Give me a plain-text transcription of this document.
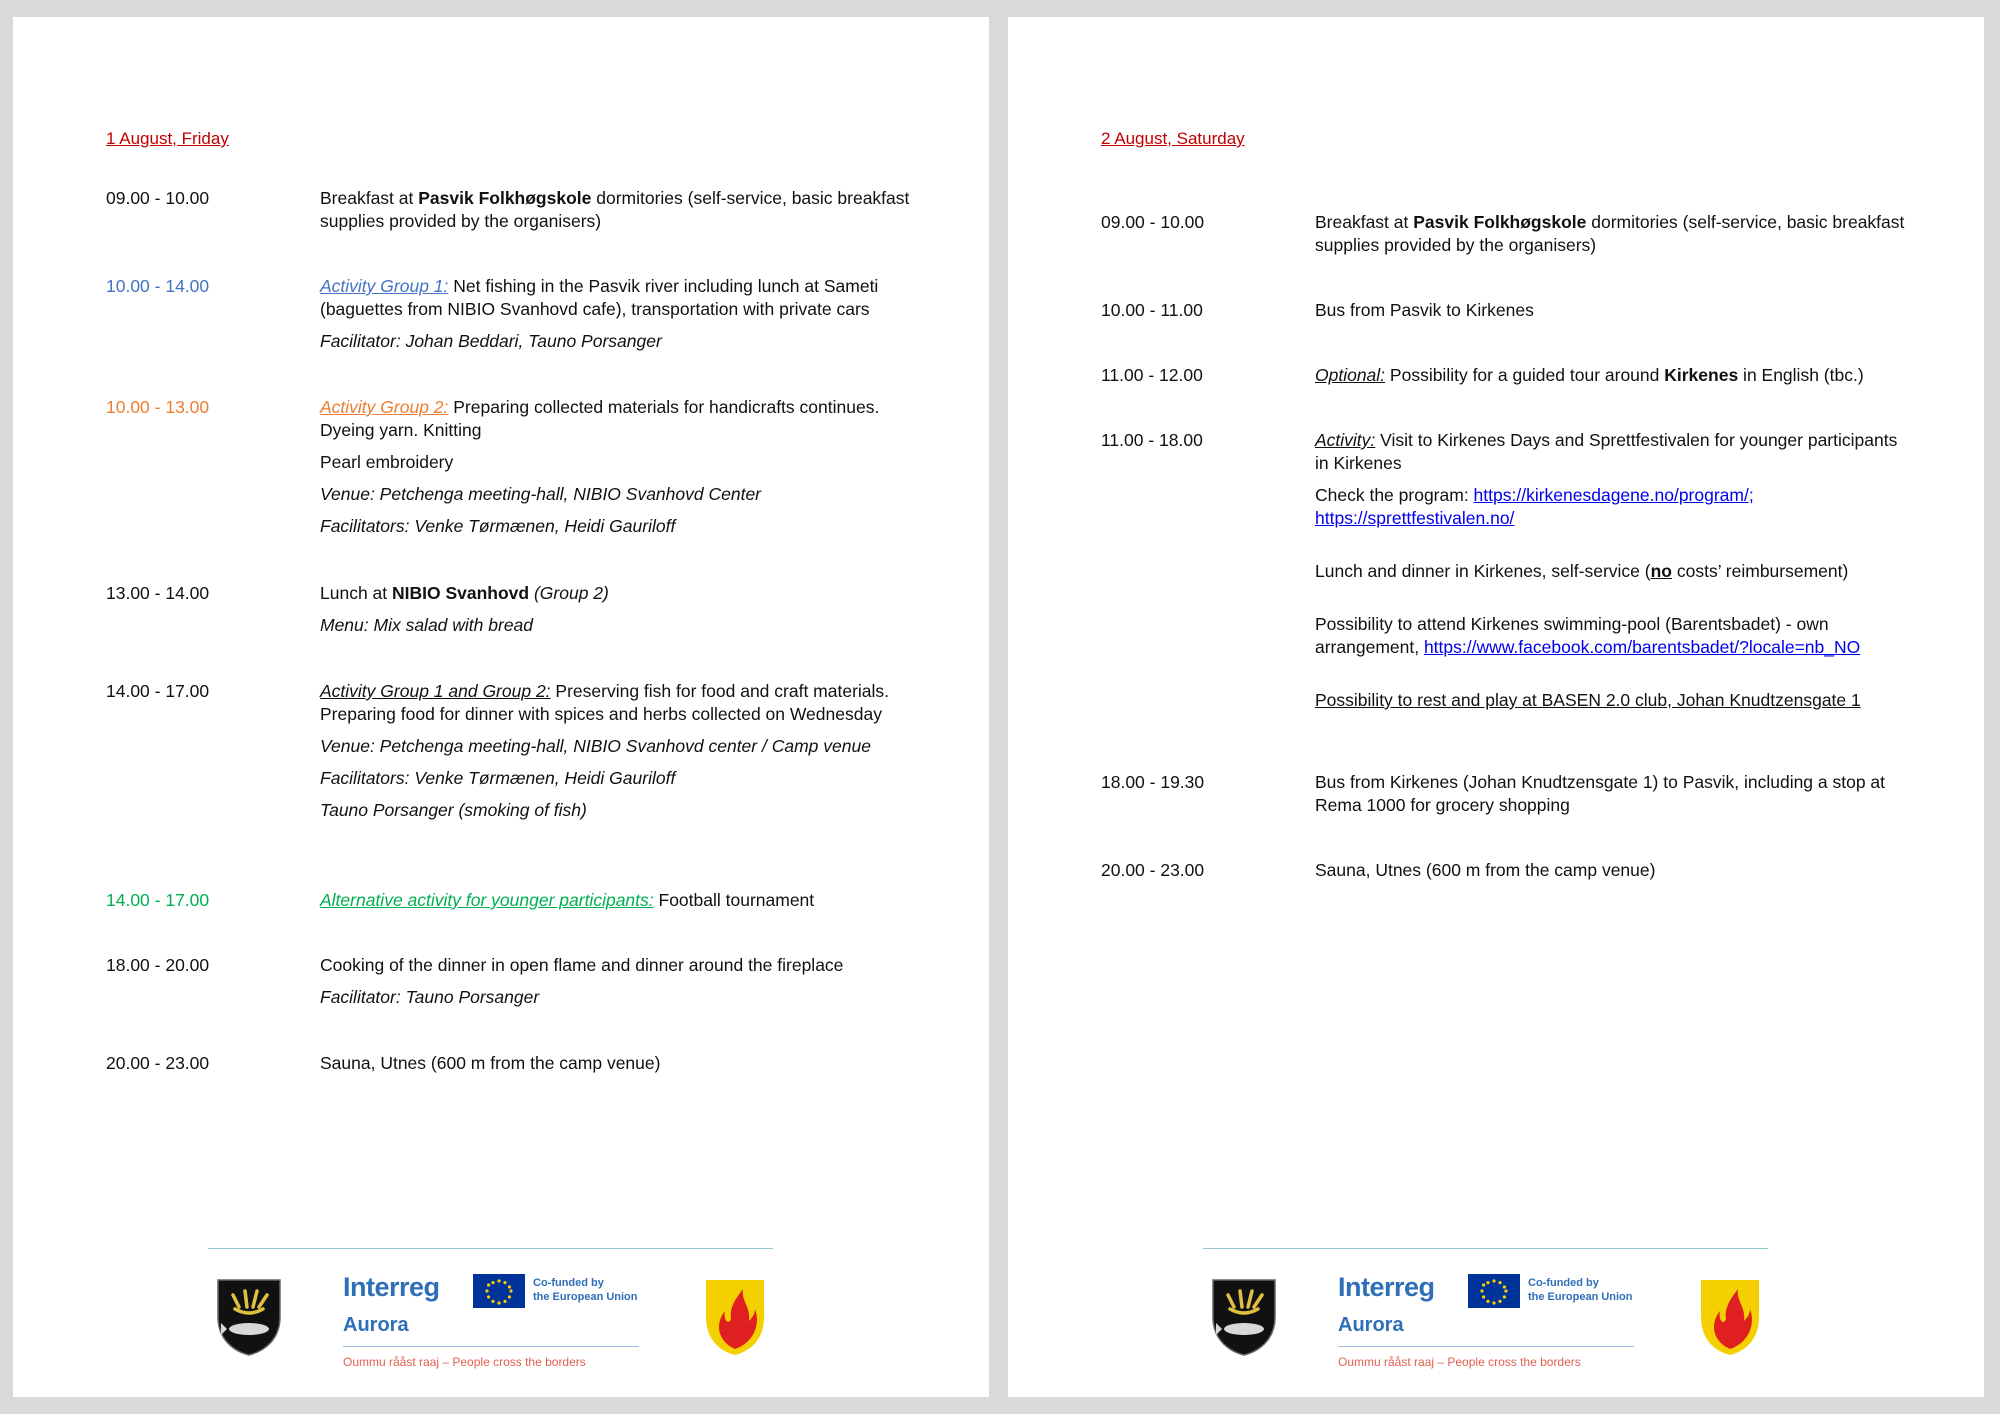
1 August, Friday
09.00 - 10.00	Breakfast at Pasvik Folkhøgskole dormitories (self-service, basic breakfast supplies provided by the organisers)

10.00 - 14.00	Activity Group 1: Net fishing in the Pasvik river including lunch at Sameti (baguettes from NIBIO Svanhovd cafe), transportation with private cars

Facilitator: Johan Beddari, Tauno Porsanger

10.00 - 13.00	Activity Group 2: Preparing collected materials for handicrafts continues. Dyeing yarn. Knitting

Pearl embroidery

Venue: Petchenga meeting-hall, NIBIO Svanhovd Center

Facilitators: Venke Tørmænen, Heidi Gauriloff

13.00 - 14.00	Lunch at NIBIO Svanhovd (Group 2)

Menu: Mix salad with bread

14.00 - 17.00	Activity Group 1 and Group 2: Preserving fish for food and craft materials. Preparing food for dinner with spices and herbs collected on Wednesday

Venue: Petchenga meeting-hall, NIBIO Svanhovd center / Camp venue

Facilitators: Venke Tørmænen, Heidi Gauriloff

Tauno Porsanger (smoking of fish)

14.00 - 17.00	Alternative activity for younger participants: Football tournament

18.00 - 20.00	Cooking of the dinner in open flame and dinner around the fireplace

Facilitator: Tauno Porsanger

20.00 - 23.00	Sauna, Utnes (600 m from the camp venue)

Interreg	Co-funded by
the European Union
Aurora
Oummu rååst raaj – People cross the borders
2 August, Saturday
09.00 - 10.00	Breakfast at Pasvik Folkhøgskole dormitories (self-service, basic breakfast supplies provided by the organisers)

10.00 - 11.00	Bus from Pasvik to Kirkenes

11.00 - 12.00	Optional: Possibility for a guided tour around Kirkenes in English (tbc.)

11.00 - 18.00	Activity: Visit to Kirkenes Days and Sprettfestivalen for younger participants in Kirkenes

Check the program: https://kirkenesdagene.no/program/;
https://sprettfestivalen.no/

Lunch and dinner in Kirkenes, self-service (no costs’ reimbursement)

Possibility to attend Kirkenes swimming-pool (Barentsbadet) - own arrangement, https://www.facebook.com/barentsbadet/?locale=nb_NO

Possibility to rest and play at BASEN 2.0 club, Johan Knudtzensgate 1

18.00 - 19.30	Bus from Kirkenes (Johan Knudtzensgate 1) to Pasvik, including a stop at Rema 1000 for grocery shopping

20.00 - 23.00	Sauna, Utnes (600 m from the camp venue)

Interreg	Co-funded by
the European Union
Aurora
Oummu rååst raaj – People cross the borders
